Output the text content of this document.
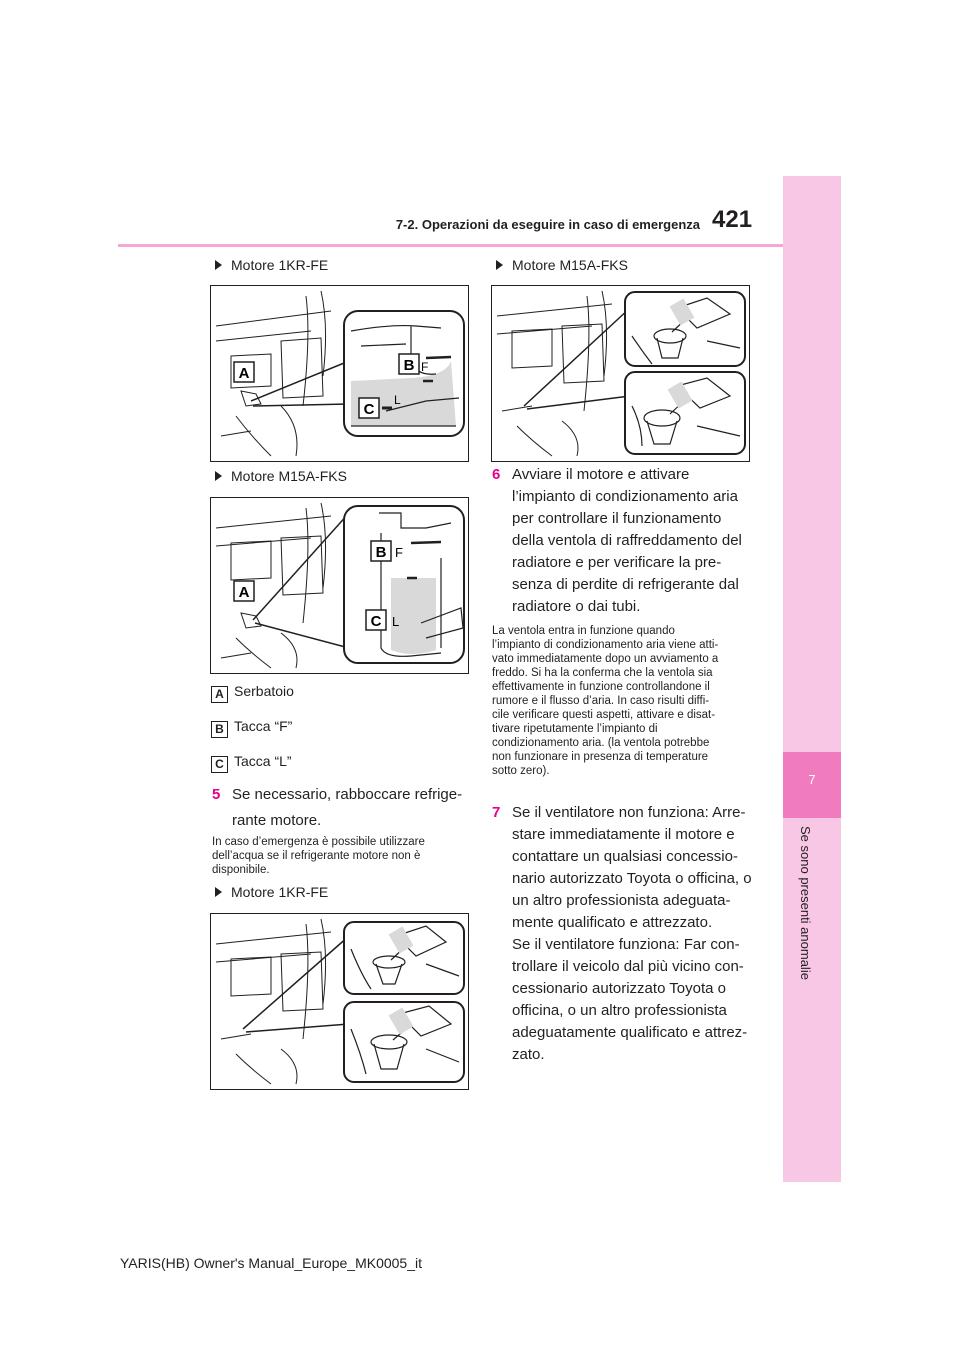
7-2. Operazioni da eseguire in caso di emergenza 421
7
Se sono presenti anomalie
Motore 1KR-FE
B F
C
L
A
Motore M15A-FKS
B F
C L
A
A Serbatoio
B Tacca “F”
C Tacca “L”
5 Se necessario, rabboccare refrige-
rante motore.
In caso d’emergenza è possibile utilizzare
dell’acqua se il refrigerante motore non è
disponibile.
Motore 1KR-FE
Motore M15A-FKS
6 Avviare il motore e attivare
l’impianto di condizionamento aria
per controllare il funzionamento
della ventola di raffreddamento del
radiatore e per verificare la pre-
senza di perdite di refrigerante dal
radiatore o dai tubi.
La ventola entra in funzione quando
l’impianto di condizionamento aria viene atti-
vato immediatamente dopo un avviamento a
freddo. Si ha la conferma che la ventola sia
effettivamente in funzione controllandone il
rumore e il flusso d’aria. In caso risulti diffi-
cile verificare questi aspetti, attivare e disat-
tivare ripetutamente l’impianto di
condizionamento aria. (la ventola potrebbe
non funzionare in presenza di temperature
sotto zero).
7 Se il ventilatore non funziona: Arre-
stare immediatamente il motore e
contattare un qualsiasi concessio-
nario autorizzato Toyota o officina, o
un altro professionista adeguata-
mente qualificato e attrezzato.
Se il ventilatore funziona: Far con-
trollare il veicolo dal più vicino con-
cessionario autorizzato Toyota o
officina, o un altro professionista
adeguatamente qualificato e attrez-
zato.
YARIS(HB) Owner's Manual_Europe_MK0005_it
